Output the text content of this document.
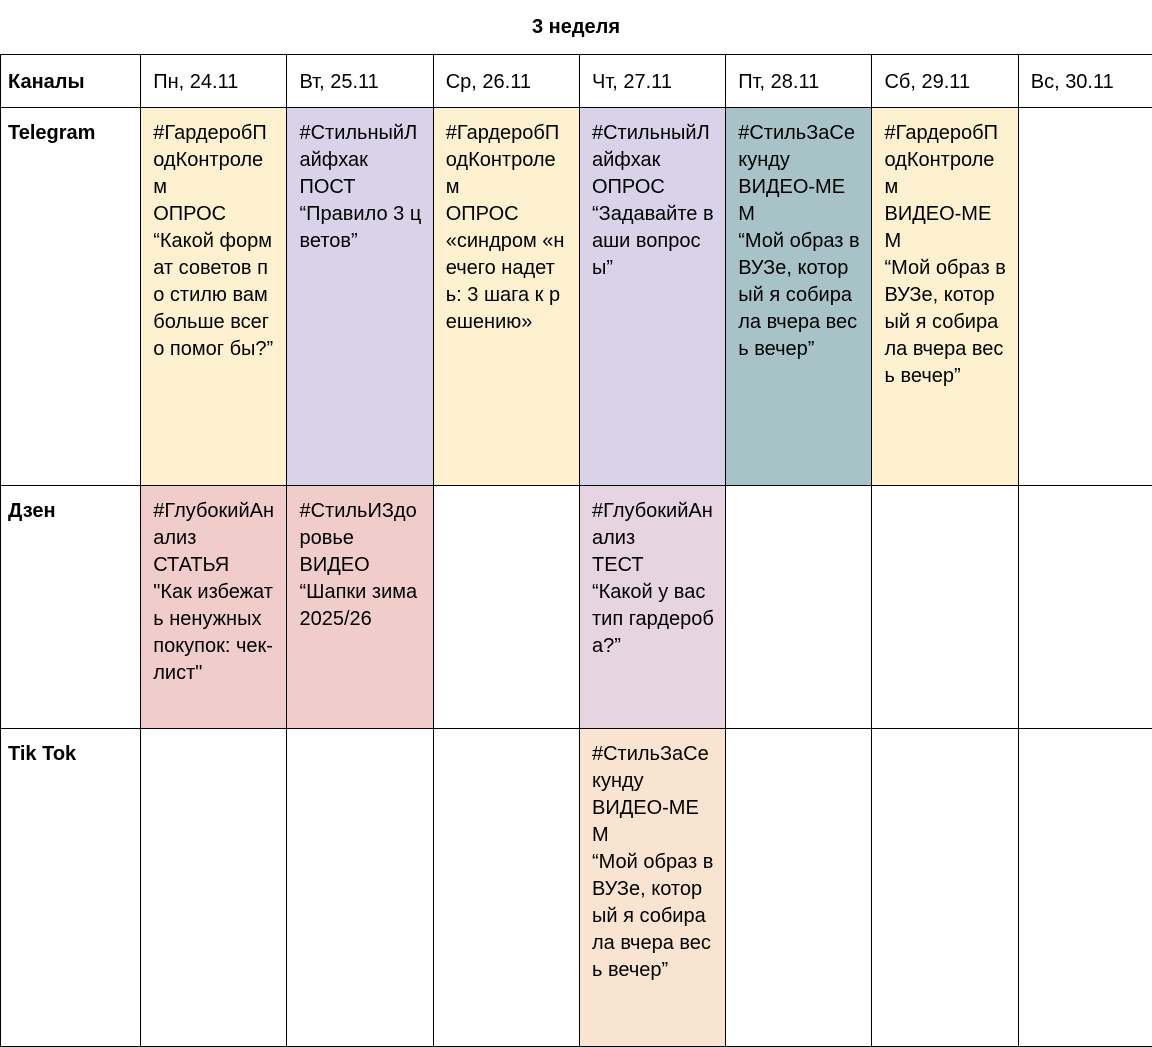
3 неделя
Каналы	Пн, 24.11	Вт, 25.11	Ср, 26.11	Чт, 27.11	Пт, 28.11	Сб, 29.11	Вс, 30.11
Telegram	#ГардеробПодКонтролем
ОПРОС
“Какой формат советов по стилю вам больше всего помог бы?”	#СтильныйЛайфхак
ПОСТ
“Правило 3 цветов”	#ГардеробПодКонтролем
ОПРОС
«синдром «нечего надеть: 3 шага к решению»	#СтильныйЛайфхак
ОПРОС
“Задавайте ваши вопросы”	#СтильЗаСекунду
ВИДЕО-МЕМ
“Мой образ в ВУЗе, который я собирала вчера весь вечер”	#ГардеробПодКонтролем
ВИДЕО-МЕМ
“Мой образ в ВУЗе, который я собирала вчера весь вечер”	
Дзен	#ГлубокийАнализ
СТАТЬЯ
"Как избежать ненужных покупок: чек-лист"	#СтильИЗдоровье
ВИДЕО
“Шапки зима 2025/26		#ГлубокийАнализ
ТЕСТ
“Какой у вас тип гардероба?”			
Tik Tok				#СтильЗаСекунду
ВИДЕО-МЕМ
“Мой образ в ВУЗе, который я собирала вчера весь вечер”			
